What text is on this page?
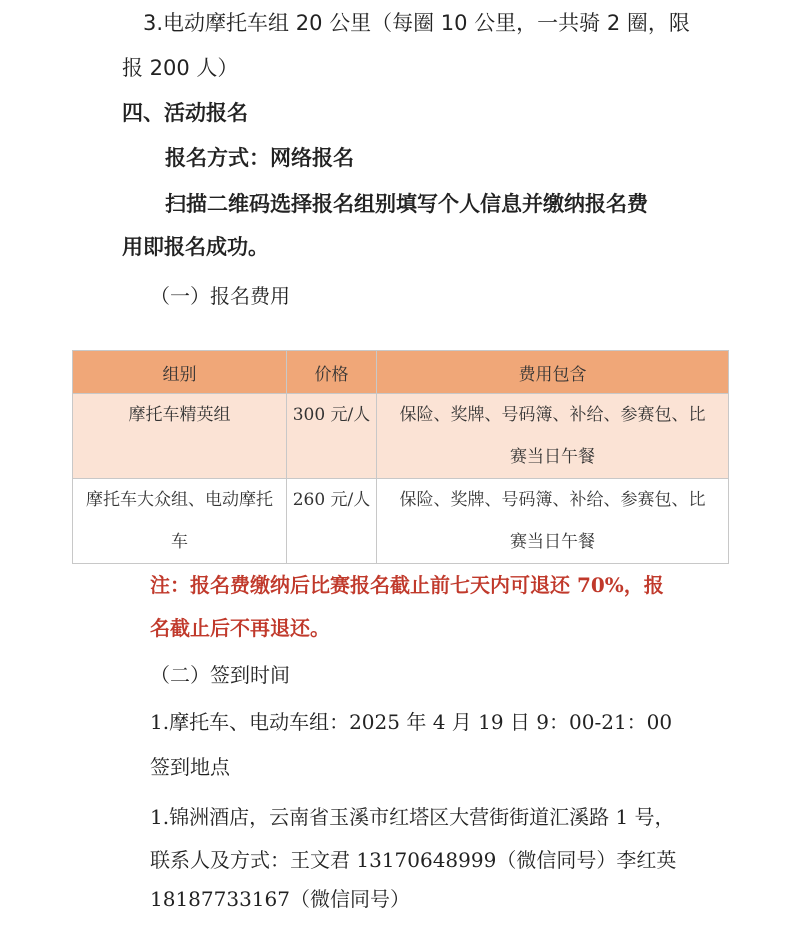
3.电动摩托车组 20 公里（每圈 10 公里，一共骑 2 圈，限
报 200 人）
四、活动报名
报名方式：网络报名
扫描二维码选择报名组别填写个人信息并缴纳报名费
用即报名成功。
（一）报名费用
组别	价格	费用包含

摩托车精英组	300 元/人	保险、奖牌、号码簿、补给、参赛包、比
赛当日午餐

摩托车大众组、电动摩托
车	260 元/人	保险、奖牌、号码簿、补给、参赛包、比
赛当日午餐
注：报名费缴纳后比赛报名截止前七天内可退还 70%，报
名截止后不再退还。
（二）签到时间
1.摩托车、电动车组：2025 年 4 月 19 日 9：00-21：00
签到地点
1.锦洲酒店，云南省玉溪市红塔区大营街街道汇溪路 1 号，
联系人及方式：王文君 13170648999（微信同号）李红英
18187733167（微信同号）
